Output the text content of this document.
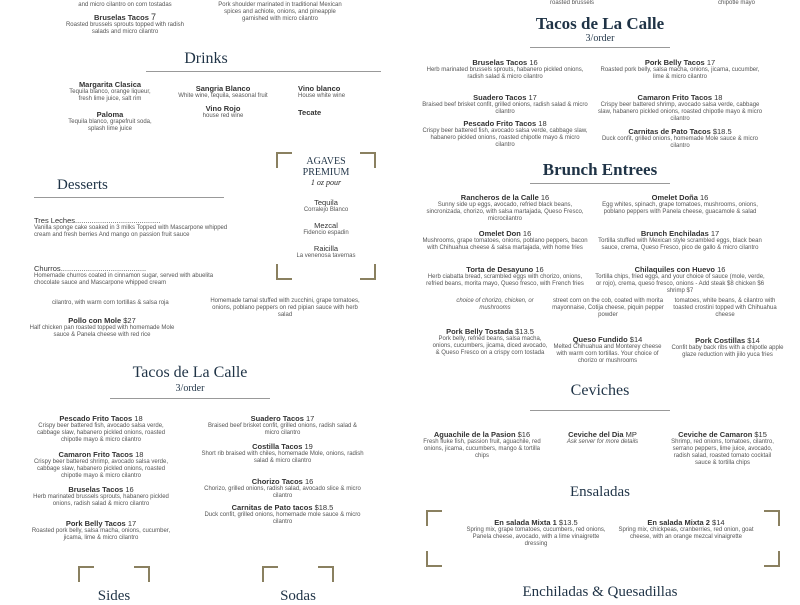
and micro cilantro on corn tostadas
Bruselas Tacos 7
Roasted brussels sprouts topped with radish salads and micro cilantro
Pork shoulder marinated in traditional Mexican spices and achiote, onions, and pineapple garnished with micro cilantro
Drinks
Margarita Clasica
Tequila blanco, orange liqueur, fresh lime juice, salt rim
Paloma
Tequila blanco, grapefruit soda, splash lime juice
Sangria Blanco
White wine, tequila, seasonal fruit
Vino Rojo
house red wine
Vino blanco
House white wine
Tecate
AGAVES
PREMIUM
1 oz pour
Tequila
Corralejo Blanco
Mezcal
Fidencio espadin
Raicilla
La venenosa tavernas
Desserts
Tres Leches.........................................
Vanilla sponge cake soaked in 3 milks Topped with Mascarpone whipped cream and fresh berries And mango on passion fruit sauce
Churros.........................................
Homemade churros coated in cinnamon sugar, served with abuelita chocolate sauce and Mascarpone whipped cream
cilantro, with warm corn tortillas & salsa roja	Homemade tamal stuffed with zucchini, grape tomatoes, onions, poblano peppers on red pipian sauce with herb salad
Pollo con Mole $27
Half chicken pan roasted topped with homemade Mole sauce & Panela cheese with red rice
Tacos de La Calle
3/order
Pescado Frito Tacos 18
Crispy beer battered fish, avocado salsa verde, cabbage slaw, habanero pickled onions, roasted chipotle mayo & micro cilantro
Camaron Frito Tacos 18
Crispy beer battered shrimp, avocado salsa verde, cabbage slaw, habanero pickled onions, roasted chipotle mayo & micro cilantro
Bruselas Tacos 16
Herb marinated brussels sprouts, habanero pickled onions, radish salad & micro cilantro
Pork Belly Tacos 17
Roasted pork belly, salsa macha, onions, cucumber, jicama, lime & micro cilantro
Suadero Tacos 17
Braised beef brisket confit, grilled onions, radish salad & micro cilantro
Costilla Tacos 19
Short rib braised with chiles, homemade Mole, onions, radish salad & micro cilantro
Chorizo Tacos 16
Chorizo, grilled onions, radish salad, avocado slice & micro cilantro
Carnitas de Pato tacos $18.5
Duck confit, grilled onions, homemade mole sauce & micro cilantro
Sides	Sodas
roasted brussels	chipotle mayo
Tacos de La Calle
3/order
Bruselas Tacos 16
Herb marinated brussels sprouts, habanero pickled onions, radish salad & micro cilantro
Suadero Tacos 17
Braised beef brisket confit, grilled onions, radish salad & micro cilantro
Pescado Frito Tacos 18
Crispy beer battered fish, avocado salsa verde, cabbage slaw, habanero pickled onions, roasted chipotle mayo & micro cilantro
Pork Belly Tacos 17
Roasted pork belly, salsa macha, onions, jicama, cucumber, lime & micro cilantro
Camaron Frito Tacos 18
Crispy beer battered shrimp, avocado salsa verde, cabbage slaw, habanero pickled onions, roasted chipotle mayo & micro cilantro
Carnitas de Pato Tacos $18.5
Duck confit, grilled onions, homemade Mole sauce & micro cilantro
Brunch Entrees
Rancheros de la Calle 16
Sunny side up eggs, avocado, refried black beans, sincronizada, chorizo, with salsa martajada, Queso Fresco, microcilantro
Omelet Don 16
Mushrooms, grape tomatoes, onions, poblano peppers, bacon with Chihuahua cheese & salsa martajada, with home fries
Torta de Desayuno 16
Herb ciabatta bread, scrambled eggs with chorizo, onions, refried beans, morita mayo, Queso fresco, with French fries
Omelet Doña 16
Egg whites, spinach, grape tomatoes, mushrooms, onions, poblano peppers with Panela cheese, guacamole & salad
Brunch Enchiladas 17
Tortilla stuffed with Mexican style scrambled eggs, black bean sauce, crema, Queso Fresco, pico de gallo & micro cilantro
Chilaquiles con Huevo 16
Tortilla chips, fried eggs, and your choice of sauce (mole, verde, or rojo), crema, queso fresco, onions - Add steak $8 chicken $6 shrimp $7
choice of chorizo, chicken, or mushrooms
street corn on the cob, coated with morita mayonnaise, Cotija cheese, piquin pepper powder
tomatoes, white beans, & cilantro with toasted crostini topped with Chihuahua cheese
Pork Belly Tostada $13.5
Pork belly, refried beans, salsa macha, onions, cucumbers, jicama, diced avocado, & Queso Fresco on a crispy corn tostada
Queso Fundido $14
Melted Chihuahua and Monterey cheese with warm corn tortillas. Your choice of chorizo or mushrooms
Pork Costillas $14
Confit baby back ribs with a chipotle apple glaze reduction with jiilo yuca fries
Ceviches
Aguachile de la Pasion $16
Fresh fluke fish, passion fruit, aguachile, red onions, jicama, cucumbers, mango & tortilla chips
Ceviche del Dia MP
Ask server for more details
Ceviche de Camaron $15
Shrimp, red onions, tomatoes, cilantro, serrano peppers, lime juice, avocado, radish salad, roasted tomato cocktail sauce & tortilla chips
Ensaladas
En salada Mixta 1 $13.5
Spring mix, grape tomatoes, cucumbers, red onions, Panela cheese, avocado, with a lime vinaigrette dressing
En salada Mixta 2 $14
Spring mix, chickpeas, cranberries, red onion, goat cheese, with an orange mezcal vinaigrette
Enchiladas & Quesadillas
